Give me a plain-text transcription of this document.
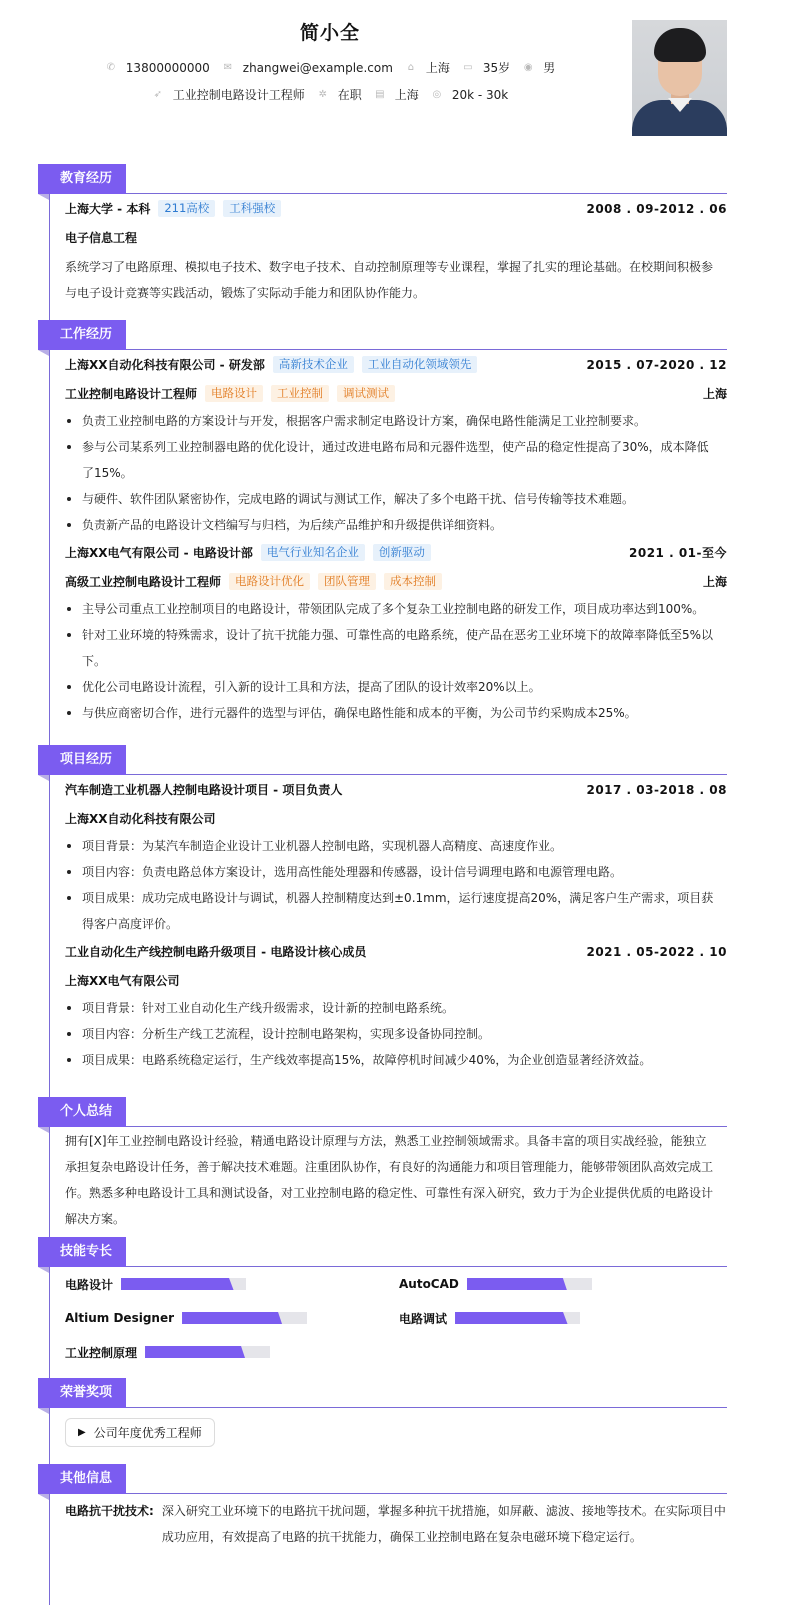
简小全
✆ 13800000000 ✉ zhangwei@example.com ⌂ 上海 ▭ 35岁 ◉ 男
➶ 工业控制电路设计工程师 ✲ 在职 ▤ 上海 ◎ 20k - 30k
教育经历
上海大学 - 本科	211高校	工科强校	2008 . 09-2012 . 06
电子信息工程
系统学习了电路原理、模拟电子技术、数字电子技术、自动控制原理等专业课程，掌握了扎实的理论基础。在校期间积极参与电子设计竞赛等实践活动，锻炼了实际动手能力和团队协作能力。
工作经历
上海XX自动化科技有限公司 - 研发部	高新技术企业	工业自动化领域领先	2015 . 07-2020 . 12
工业控制电路设计工程师	电路设计	工业控制	调试测试	上海
负责工业控制电路的方案设计与开发，根据客户需求制定电路设计方案，确保电路性能满足工业控制要求。
参与公司某系列工业控制器电路的优化设计，通过改进电路布局和元器件选型，使产品的稳定性提高了30%，成本降低了15%。
与硬件、软件团队紧密协作，完成电路的调试与测试工作，解决了多个电路干扰、信号传输等技术难题。
负责新产品的电路设计文档编写与归档，为后续产品维护和升级提供详细资料。
上海XX电气有限公司 - 电路设计部	电气行业知名企业	创新驱动	2021 . 01-至今
高级工业控制电路设计工程师	电路设计优化	团队管理	成本控制	上海
主导公司重点工业控制项目的电路设计，带领团队完成了多个复杂工业控制电路的研发工作，项目成功率达到100%。
针对工业环境的特殊需求，设计了抗干扰能力强、可靠性高的电路系统，使产品在恶劣工业环境下的故障率降低至5%以下。
优化公司电路设计流程，引入新的设计工具和方法，提高了团队的设计效率20%以上。
与供应商密切合作，进行元器件的选型与评估，确保电路性能和成本的平衡，为公司节约采购成本25%。
项目经历
汽车制造工业机器人控制电路设计项目 - 项目负责人	2017 . 03-2018 . 08
上海XX自动化科技有限公司
项目背景：为某汽车制造企业设计工业机器人控制电路，实现机器人高精度、高速度作业。
项目内容：负责电路总体方案设计，选用高性能处理器和传感器，设计信号调理电路和电源管理电路。
项目成果：成功完成电路设计与调试，机器人控制精度达到±0.1mm，运行速度提高20%，满足客户生产需求，项目获得客户高度评价。
工业自动化生产线控制电路升级项目 - 电路设计核心成员	2021 . 05-2022 . 10
上海XX电气有限公司
项目背景：针对工业自动化生产线升级需求，设计新的控制电路系统。
项目内容：分析生产线工艺流程，设计控制电路架构，实现多设备协同控制。
项目成果：电路系统稳定运行，生产线效率提高15%，故障停机时间减少40%，为企业创造显著经济效益。
个人总结
拥有[X]年工业控制电路设计经验，精通电路设计原理与方法，熟悉工业控制领域需求。具备丰富的项目实战经验，能独立承担复杂电路设计任务，善于解决技术难题。注重团队协作，有良好的沟通能力和项目管理能力，能够带领团队高效完成工作。熟悉多种电路设计工具和测试设备，对工业控制电路的稳定性、可靠性有深入研究，致力于为企业提供优质的电路设计解决方案。
技能专长
电路设计	AutoCAD
Altium Designer	电路调试
工业控制原理
荣誉奖项
▶ 公司年度优秀工程师
其他信息
电路抗干扰技术: 深入研究工业环境下的电路抗干扰问题，掌握多种抗干扰措施，如屏蔽、滤波、接地等技术。在实际项目中成功应用，有效提高了电路的抗干扰能力，确保工业控制电路在复杂电磁环境下稳定运行。
